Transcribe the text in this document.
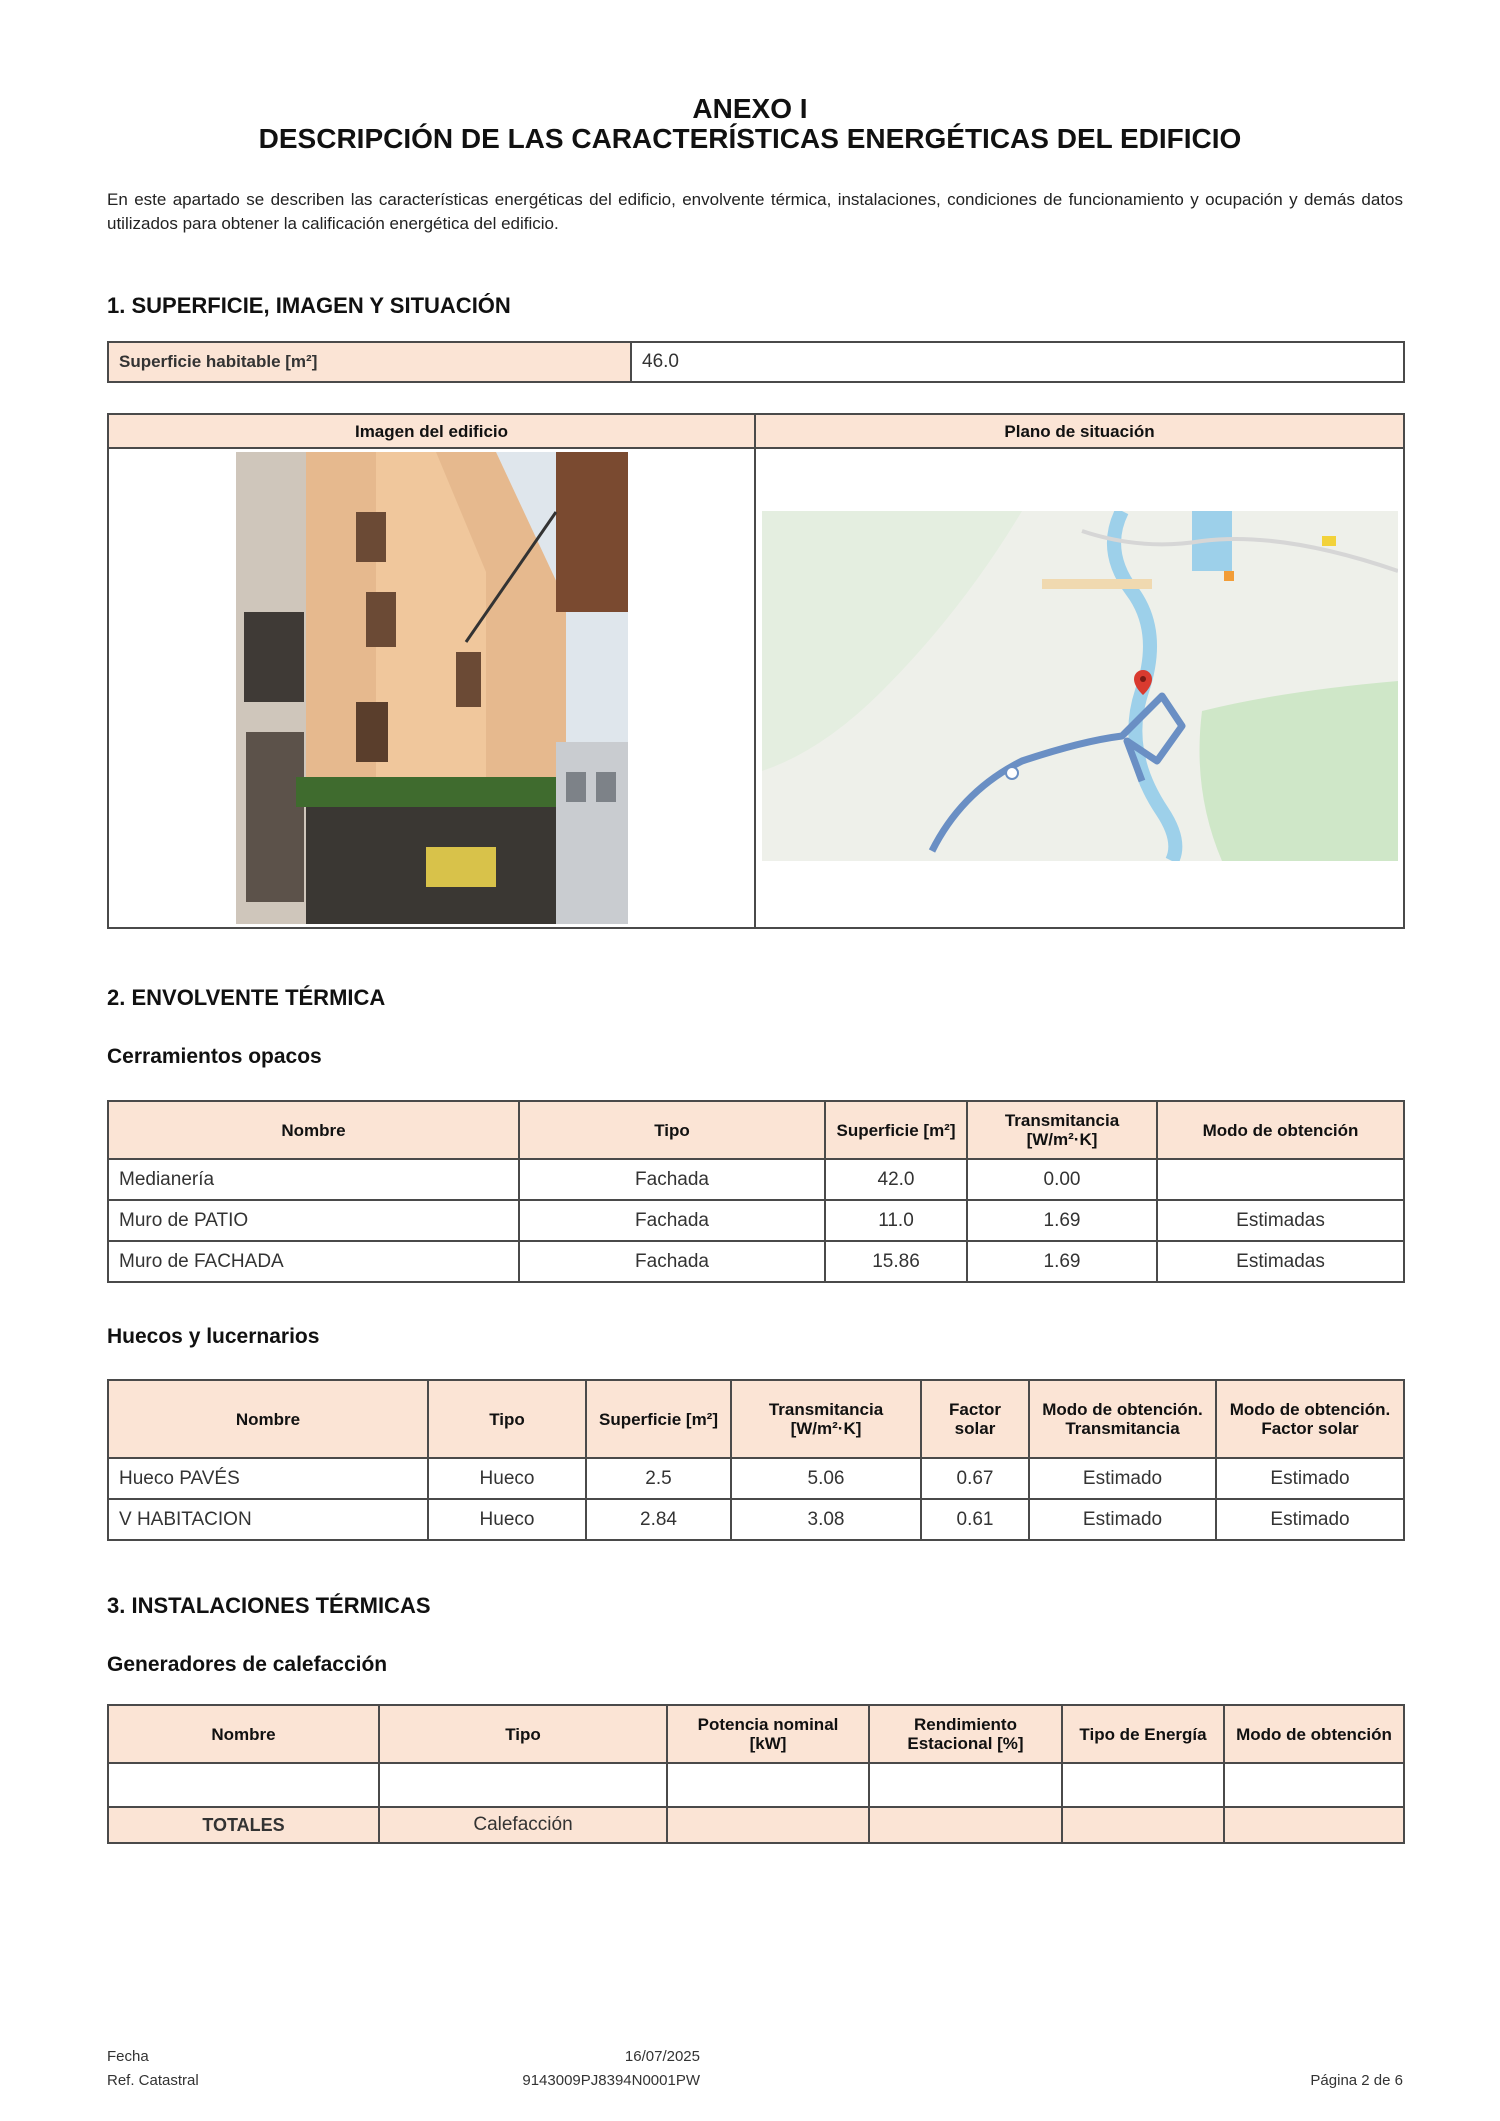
ANEXO I
DESCRIPCIÓN DE LAS CARACTERÍSTICAS ENERGÉTICAS DEL EDIFICIO
En este apartado se describen las características energéticas del edificio, envolvente térmica, instalaciones, condiciones de funcionamiento y ocupación y demás datos utilizados para obtener la calificación energética del edificio.
1. SUPERFICIE, IMAGEN Y SITUACIÓN
Superficie habitable [m²]	46.0
Imagen del edificio	Plano de situación

2. ENVOLVENTE TÉRMICA
Cerramientos opacos
Nombre	Tipo	Superficie [m²]	Transmitancia [W/m²·K]	Modo de obtención
Medianería	Fachada	42.0	0.00	
Muro de PATIO	Fachada	11.0	1.69	Estimadas
Muro de FACHADA	Fachada	15.86	1.69	Estimadas
Huecos y lucernarios
Nombre	Tipo	Superficie [m²]	Transmitancia [W/m²·K]	Factor solar	Modo de obtención. Transmitancia	Modo de obtención. Factor solar
Hueco PAVÉS	Hueco	2.5	5.06	0.67	Estimado	Estimado
V HABITACION	Hueco	2.84	3.08	0.61	Estimado	Estimado
3. INSTALACIONES TÉRMICAS
Generadores de calefacción
Nombre	Tipo	Potencia nominal [kW]	Rendimiento Estacional [%]	Tipo de Energía	Modo de obtención

TOTALES	Calefacción				
Fecha
Ref. Catastral
16/07/2025
9143009PJ8394N0001PW	Página 2 de 6
